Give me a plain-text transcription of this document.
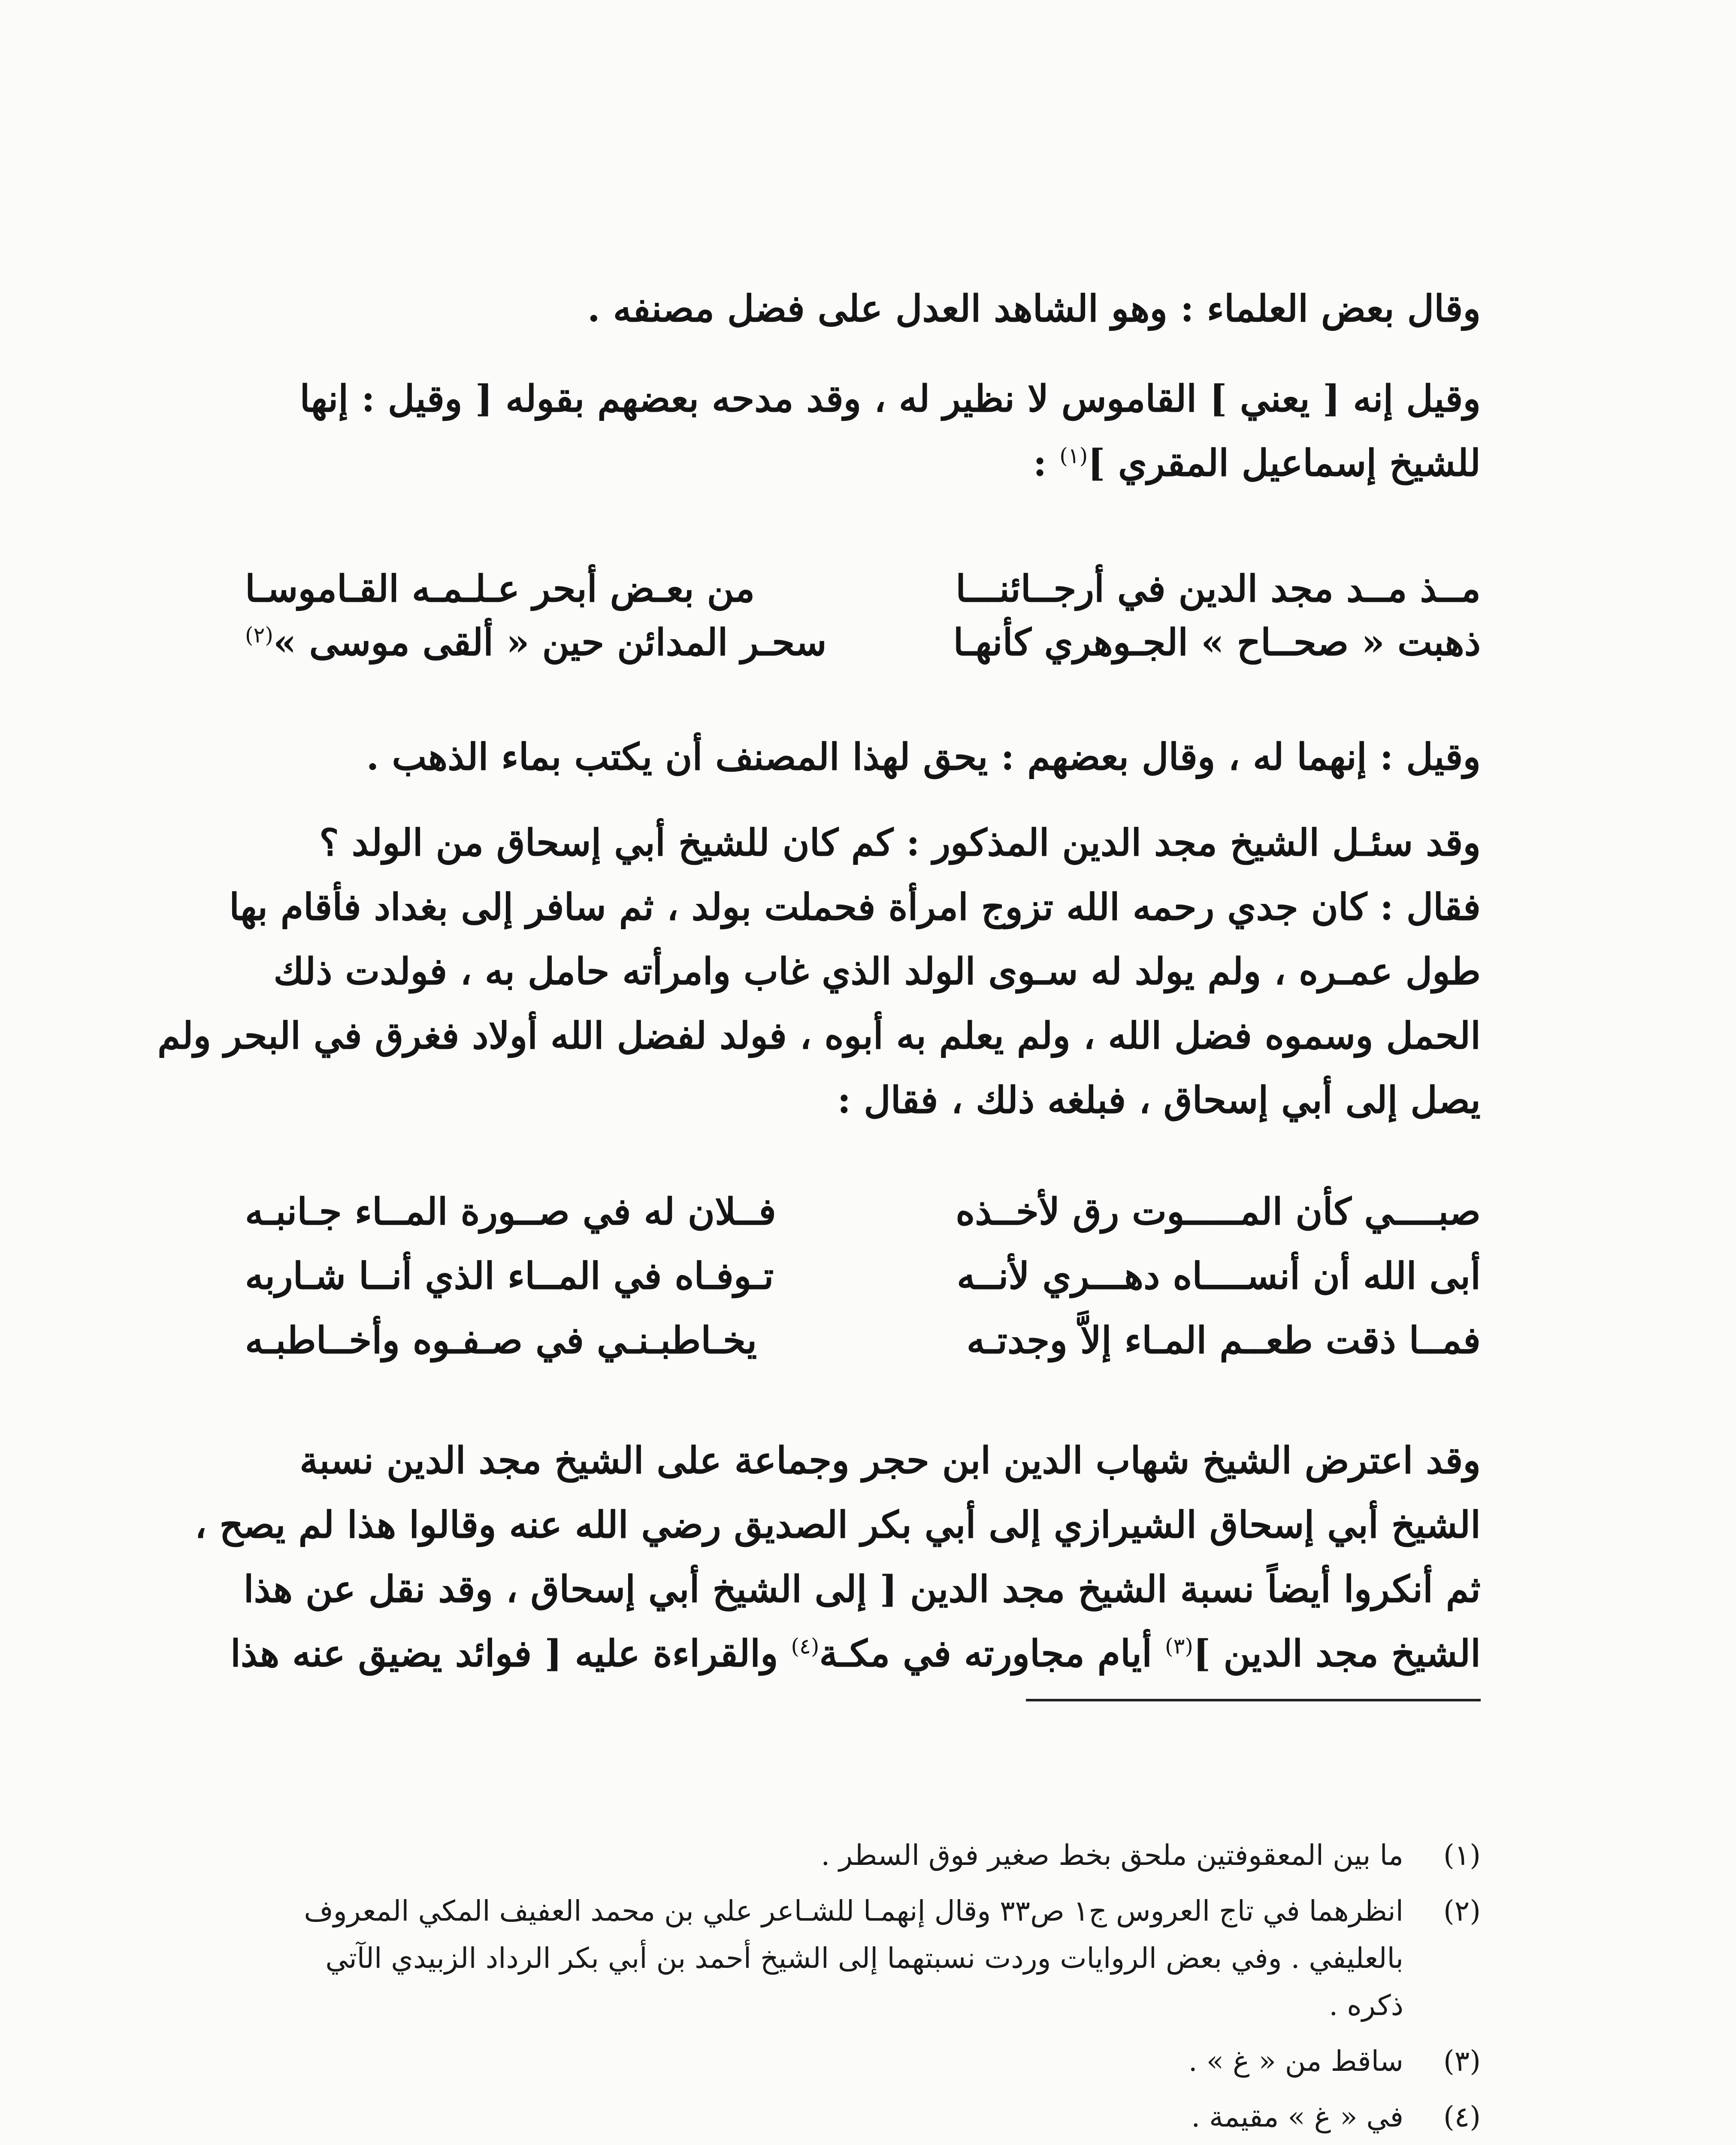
وقال بعض العلماء : وهو الشاهد العدل على فضل مصنفه .

وقيل إنه [ يعني ] القاموس لا نظير له ، وقد مدحه بعضهم بقوله [ وقيل : إنها
للشيخ إسماعيل المقري ]$^{(١)}$ :

مــذ مــد مجد الدين في أرجــائنـــا
من بعـض أبحر عـلـمـه القـاموسـا
ذهبت « صحــاح » الجـوهري كأنهـا
سحـر المدائن حين « ألقى موسى »$^{(٢)}$

وقيل : إنهما له ، وقال بعضهم : يحق لهذا المصنف أن يكتب بماء الذهب .

وقد سئـل الشيخ مجد الدين المذكور : كم كان للشيخ أبي إسحاق من الولد ؟
فقال : كان جدي رحمه الله تزوج امرأة فحملت بولد ، ثم سافر إلى بغداد فأقام بها
طول عمـره ، ولم يولد له سـوى الولد الذي غاب وامرأته حامل به ، فولدت ذلك
الحمل وسموه فضل الله ، ولم يعلم به أبوه ، فولد لفضل الله أولاد فغرق في البحر ولم
يصل إلى أبي إسحاق ، فبلغه ذلك ، فقال :

صبــــي كأن المـــــوت رق لأخــذه
فــلان له في صــورة المــاء جـانبـه
أبى الله أن أنســــاه دهـــري لأنــه
تـوفـاه في المــاء الذي أنــا شـاربه
فمــا ذقت طعــم المـاء إلاَّ وجدتـه
يخـاطبـنـي في صـفـوه وأخــاطبـه

وقد اعترض الشيخ شهاب الدين ابن حجر وجماعة على الشيخ مجد الدين نسبة
الشيخ أبي إسحاق الشيرازي إلى أبي بكر الصديق رضي الله عنه وقالوا هذا لم يصح ،
ثم أنكروا أيضاً نسبة الشيخ مجد الدين [ إلى الشيخ أبي إسحاق ، وقد نقل عن هذا
الشيخ مجد الدين ]$^{(٣)}$ أيام مجاورته في مكـة$^{(٤)}$ والقراءة عليه [ فوائد يضيق عنه هذا

(١)
ما بين المعقوفتين ملحق بخط صغير فوق السطر .
(٢)
انظرهما في تاج العروس ج١ ص٣٣ وقال إنهمـا للشـاعر علي بن محمد العفيف المكي المعروف
بالعليفي . وفي بعض الروايات وردت نسبتهما إلى الشيخ أحمد بن أبي بكر الرداد الزبيدي الآتي
ذكره .
(٣)
ساقط من « غ » .
(٤)
في « غ » مقيمة .
